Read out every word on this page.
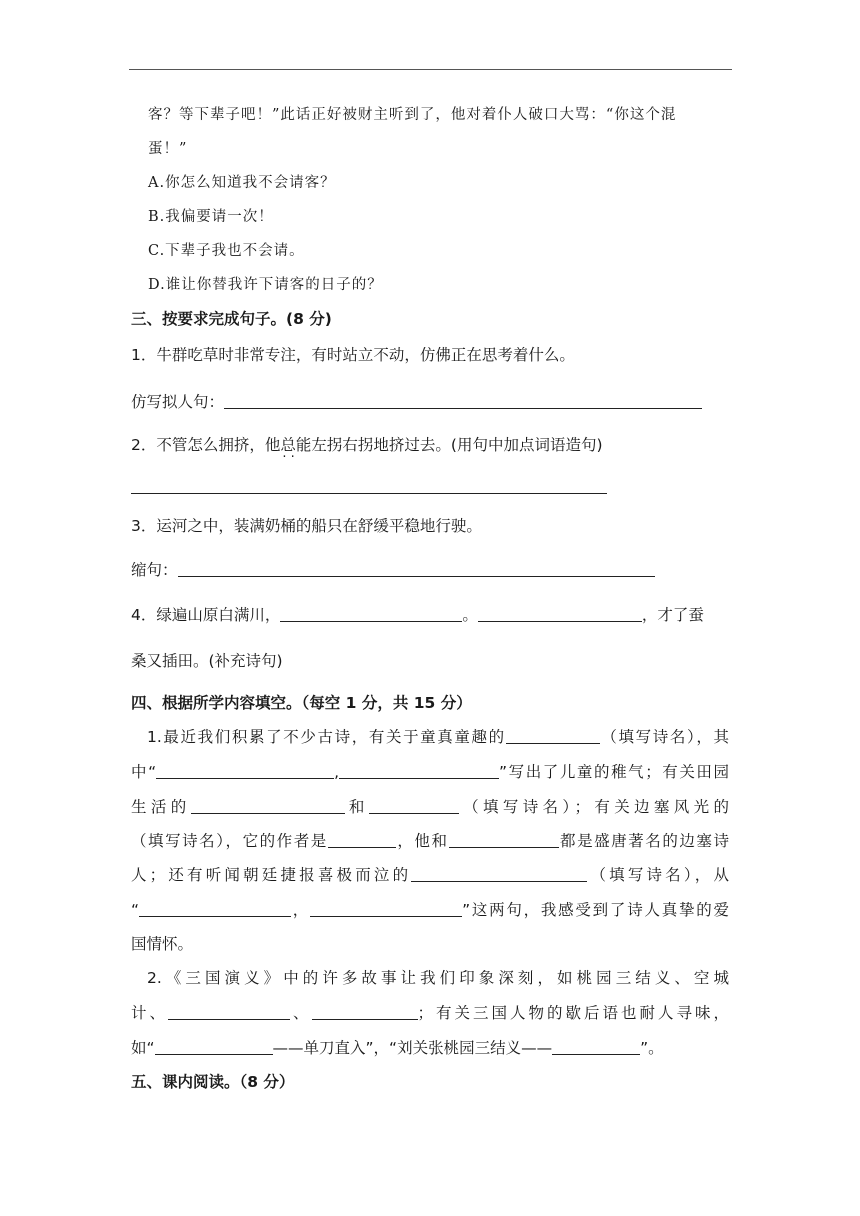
客？等下辈子吧！”此话正好被财主听到了，他对着仆人破口大骂：“你这个混
蛋！”
A.你怎么知道我不会请客？
B.我偏要请一次！
C.下辈子我也不会请。
D.谁让你替我许下请客的日子的？
三、按要求完成句子。(8 分)
1．牛群吃草时非常专注，有时站立不动，仿佛正在思考着什么。
仿写拟人句：
2．不管怎么拥挤，他总能 · ·左拐右拐地挤过去。(用句中加点词语造句)
3．运河之中，装满奶桶的船只在舒缓平稳地行驶。
缩句：
4．绿遍山原白满川，	。	，才了蚕
桑又插田。(补充诗句)
四、根据所学内容填空。（每空 1 分，共 15 分）
1.最近我们积累了不少古诗，有关于童真童趣的	（填写诗名），其
中“	,	”写出了儿童的稚气；有关田园
生活的	和	（填写诗名）；有关边塞风光的
（填写诗名），它的作者是	，他和	都是盛唐著名的边塞诗
人；还有听闻朝廷捷报喜极而泣的	（填写诗名），从
“	，	”这两句，我感受到了诗人真挚的爱
国情怀。
2.《三国演义》中的许多故事让我们印象深刻，如桃园三结义、空城
计、	、	；有关三国人物的歇后语也耐人寻味，
如“	——单刀直入”，“刘关张桃园三结义——	”。
五、课内阅读。（8 分）
